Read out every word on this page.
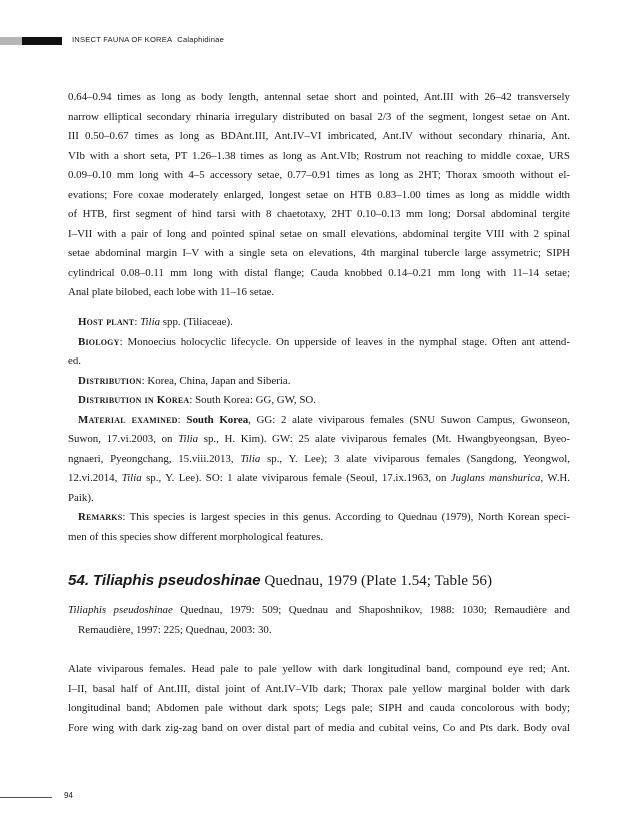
INSECT FAUNA OF KOREA Calaphidinae

0.64–0.94 times as long as body length, antennal setae short and pointed, Ant.III with 26–42 transversely

narrow elliptical secondary rhinaria irregulary distributed on basal 2/3 of the segment, longest setae on Ant.

III 0.50–0.67 times as long as BDAnt.III, Ant.IV–VI imbricated, Ant.IV without secondary rhinaria, Ant.

VIb with a short seta, PT 1.26–1.38 times as long as Ant.VIb; Rostrum not reaching to middle coxae, URS

0.09–0.10 mm long with 4–5 accessory setae, 0.77–0.91 times as long as 2HT; Thorax smooth without el-

evations; Fore coxae moderately enlarged, longest setae on HTB 0.83–1.00 times as long as middle width

of HTB, first segment of hind tarsi with 8 chaetotaxy, 2HT 0.10–0.13 mm long; Dorsal abdominal tergite

I–VII with a pair of long and pointed spinal setae on small elevations, abdominal tergite VIII with 2 spinal

setae abdominal margin I–V with a single seta on elevations, 4th marginal tubercle large assymetric; SIPH

cylindrical 0.08–0.11 mm long with distal flange; Cauda knobbed 0.14–0.21 mm long with 11–14 setae;

Anal plate bilobed, each lobe with 11–16 setae.

Host plant: Tilia spp. (Tiliaceae).

Biology: Monoecius holocyclic lifecycle. On upperside of leaves in the nymphal stage. Often ant attend-

ed.

Distribution: Korea, China, Japan and Siberia.

Distribution in Korea: South Korea: GG, GW, SO.

Material examined: South Korea, GG: 2 alate viviparous females (SNU Suwon Campus, Gwonseon,

Suwon, 17.vi.2003, on Tilia sp., H. Kim). GW: 25 alate viviparous females (Mt. Hwangbyeongsan, Byeo-

ngnaeri, Pyeongchang, 15.viii.2013, Tilia sp., Y. Lee); 3 alate viviparous females (Sangdong, Yeongwol,

12.vi.2014, Tilia sp., Y. Lee). SO: 1 alate viviparous female (Seoul, 17.ix.1963, on Juglans manshurica, W.H.

Paik).

Remarks: This species is largest species in this genus. According to Quednau (1979), North Korean speci-

men of this species show different morphological features.

54. Tiliaphis pseudoshinae Quednau, 1979 (Plate 1.54; Table 56)

Tiliaphis pseudoshinae Quednau, 1979: 509; Quednau and Shaposhnikov, 1988: 1030; Remaudière and

Remaudière, 1997: 225; Quednau, 2003: 30.

Alate viviparous females. Head pale to pale yellow with dark longitudinal band, compound eye red; Ant.

I–II, basal half of Ant.III, distal joint of Ant.IV–VIb dark; Thorax pale yellow marginal bolder with dark

longitudinal band; Abdomen pale without dark spots; Legs pale; SIPH and cauda concolorous with body;

Fore wing with dark zig-zag band on over distal part of media and cubital veins, Co and Pts dark. Body oval

94
